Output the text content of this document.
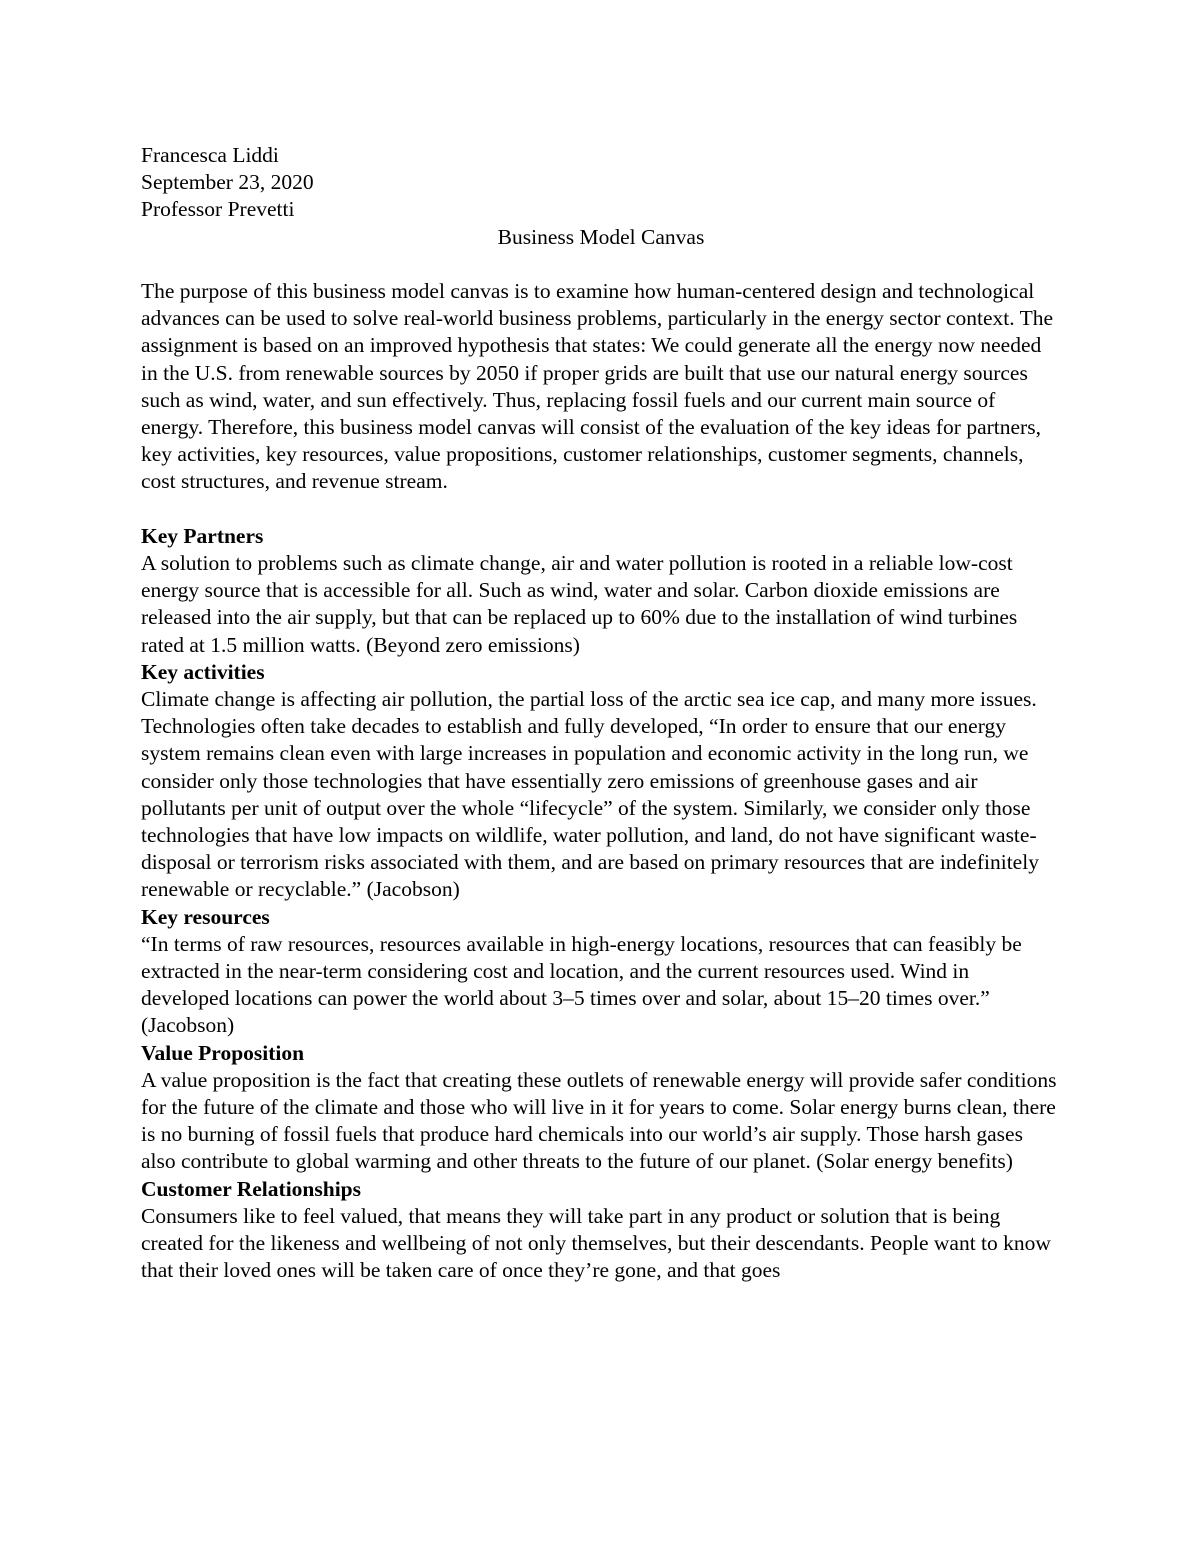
Francesca Liddi
September 23, 2020
Professor Prevetti
Business Model Canvas

The purpose of this business model canvas is to examine how human-centered design and technological advances can be used to solve real-world business problems, particularly in the energy sector context. The assignment is based on an improved hypothesis that states: We could generate all the energy now needed in the U.S. from renewable sources by 2050 if proper grids are built that use our natural energy sources such as wind, water, and sun effectively. Thus, replacing fossil fuels and our current main source of energy. Therefore, this business model canvas will consist of the evaluation of the key ideas for partners, key activities, key resources, value propositions, customer relationships, customer segments, channels, cost structures, and revenue stream.

Key Partners

A solution to problems such as climate change, air and water pollution is rooted in a reliable low-cost energy source that is accessible for all. Such as wind, water and solar. Carbon dioxide emissions are released into the air supply, but that can be replaced up to 60% due to the installation of wind turbines rated at 1.5 million watts. (Beyond zero emissions)

Key activities

Climate change is affecting air pollution, the partial loss of the arctic sea ice cap, and many more issues. Technologies often take decades to establish and fully developed, “In order to ensure that our energy system remains clean even with large increases in population and economic activity in the long run, we consider only those technologies that have essentially zero emissions of greenhouse gases and air pollutants per unit of output over the whole “lifecycle” of the system. Similarly, we consider only those technologies that have low impacts on wildlife, water pollution, and land, do not have significant waste-disposal or terrorism risks associated with them, and are based on primary resources that are indefinitely renewable or recyclable.” (Jacobson)

Key resources

“In terms of raw resources, resources available in high-energy locations, resources that can feasibly be extracted in the near-term considering cost and location, and the current resources used. Wind in developed locations can power the world about 3–5 times over and solar, about 15–20 times over.” (Jacobson)

Value Proposition

A value proposition is the fact that creating these outlets of renewable energy will provide safer conditions for the future of the climate and those who will live in it for years to come. Solar energy burns clean, there is no burning of fossil fuels that produce hard chemicals into our world’s air supply. Those harsh gases also contribute to global warming and other threats to the future of our planet. (Solar energy benefits)

Customer Relationships

Consumers like to feel valued, that means they will take part in any product or solution that is being created for the likeness and wellbeing of not only themselves, but their descendants. People want to know that their loved ones will be taken care of once they’re gone, and that goes
